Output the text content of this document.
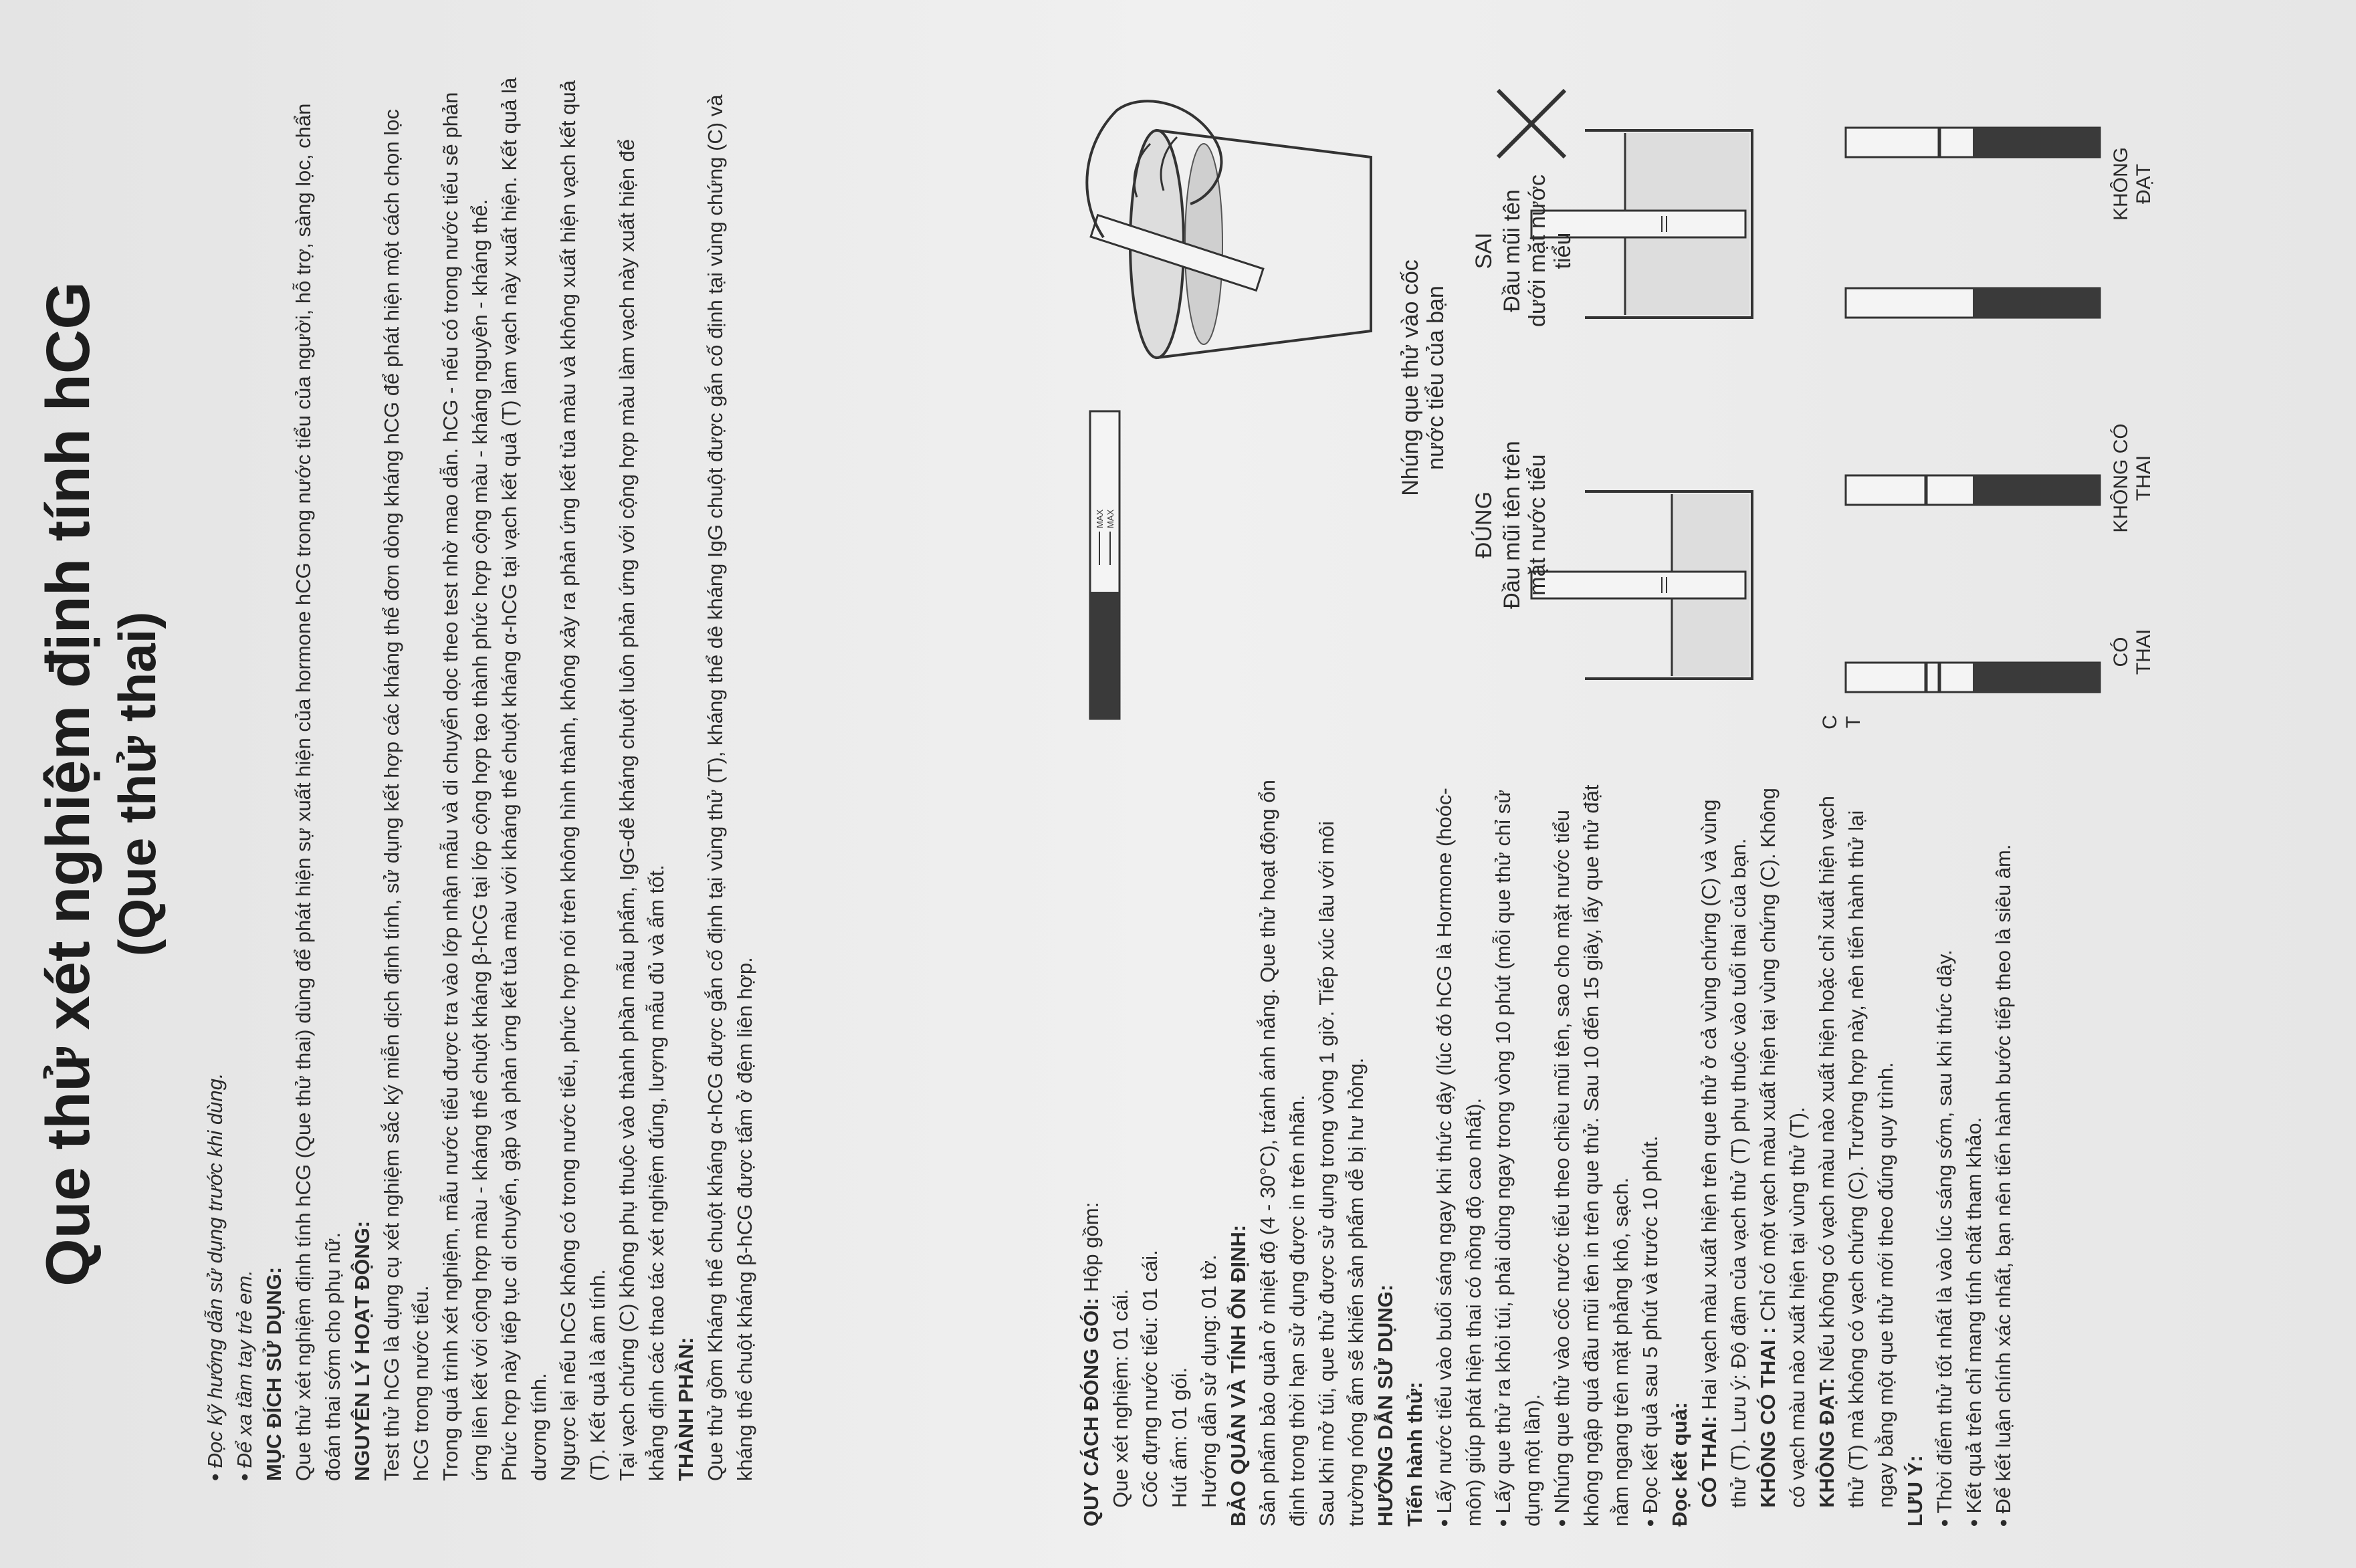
Que thử xét nghiệm định tính hCG (Que thử thai)

• Đọc kỹ hướng dẫn sử dụng trước khi dùng. • Để xa tầm tay trẻ em. MỤC ĐÍCH SỬ DỤNG: Que thử xét nghiệm định tính hCG (Que thử thai) dùng để phát hiện sự xuất hiện của hormone hCG trong nước tiểu của người, hỗ trợ, sàng lọc, chẩn đoán thai sớm cho phụ nữ. NGUYÊN LÝ HOẠT ĐỘNG: Test thử hCG là dụng cụ xét nghiệm sắc ký miễn dịch định tính, sử dụng kết hợp các kháng thể đơn dòng kháng hCG để phát hiện một cách chọn lọc hCG trong nước tiểu. Trong quá trình xét nghiệm, mẫu nước tiểu được tra vào lớp nhận mẫu và di chuyển dọc theo test nhờ mao dẫn. hCG - nếu có trong nước tiểu sẽ phản ứng liên kết với cộng hợp màu - kháng thể chuột kháng β-hCG tại lớp cộng hợp tạo thành phức hợp cộng màu - kháng nguyên - kháng thể. Phức hợp này tiếp tục di chuyển, gặp và phản ứng kết tủa màu với kháng thể chuột kháng α-hCG tại vạch kết quả (T) làm vạch này xuất hiện. Kết quả là dương tính. Ngược lại nếu hCG không có trong nước tiểu, phức hợp nói trên không hình thành, không xảy ra phản ứng kết tủa màu và không xuất hiện vạch kết quả (T). Kết quả là âm tính. Tại vạch chứng (C) không phụ thuộc vào thành phần mẫu phẩm, IgG-dê kháng chuột luôn phản ứng với cộng hợp màu làm vạch này xuất hiện để khẳng định các thao tác xét nghiệm đúng, lượng mẫu đủ và ẩm tốt. THÀNH PHẦN: Que thử gồm Kháng thể chuột kháng α-hCG được gắn cố định tại vùng thử (T), kháng thể dê kháng IgG chuột được gắn cố định tại vùng chứng (C) và kháng thể chuột kháng β-hCG được tẩm ở đệm liên hợp.	QUY CÁCH ĐÓNG GÓI: Hộp gồm:

Que xét nghiệm: 01 cái. Cốc đựng nước tiểu: 01 cái. Hút ẩm: 01 gói. Hướng dẫn sử dụng: 01 tờ. BẢO QUẢN VÀ TÍNH ỔN ĐỊNH: Sản phẩm bảo quản ở nhiệt độ (4 - 30°C), tránh ánh nắng. Que thử hoạt động ổn định trong thời hạn sử dụng được in trên nhãn. Sau khi mở túi, que thử được sử dụng trong vòng 1 giờ. Tiếp xúc lâu với môi trường nóng ẩm sẽ khiến sản phẩm dễ bị hư hỏng. HƯỚNG DẪN SỬ DỤNG: Tiến hành thử: • Lấy nước tiểu vào buổi sáng ngay khi thức dậy (lúc đó hCG là Hormone (hoóc-môn) giúp phát hiện thai có nồng độ cao nhất). • Lấy que thử ra khỏi túi, phải dùng ngay trong vòng 10 phút (mỗi que thử chỉ sử dụng một lần). • Nhúng que thử vào cốc nước tiểu theo chiều mũi tên, sao cho mặt nước tiểu không ngập quá đầu mũi tên in trên que thử. Sau 10 đến 15 giây, lấy que thử đặt nằm ngang trên mặt phẳng khô, sạch. • Đọc kết quả sau 5 phút và trước 10 phút. Đọc kết quả: CÓ THAI: Hai vạch màu xuất hiện trên que thử ở cả vùng chứng (C) và vùng thử (T). Lưu ý: Độ đậm của vạch thử (T) phụ thuộc vào tuổi thai của bạn. KHÔNG CÓ THAI : Chỉ có một vạch màu xuất hiện tại vùng chứng (C). Không có vạch màu nào xuất hiện tại vùng thử (T). KHÔNG ĐẠT: Nếu không có vạch màu nào xuất hiện hoặc chỉ xuất hiện vạch thử (T) mà không có vạch chứng (C). Trường hợp này, nên tiến hành thử lại ngay bằng một que thử mới theo đúng quy trình. LƯU Ý: • Thời điểm thử tốt nhất là vào lúc sáng sớm, sau khi thức dậy. • Kết quả trên chỉ mang tính chất tham khảo. • Để kết luận chính xác nhất, bạn nên tiến hành bước tiếp theo là siêu âm.

MAX MAX
Nhúng que thử vào cốc nước tiểu của bạn
ĐÚNG Đầu mũi tên trên mặt nước tiểu
SAI Đầu mũi tên dưới mặt nước tiểu
C T
CÓ THAI
KHÔNG CÓ THAI
KHÔNG ĐẠT
